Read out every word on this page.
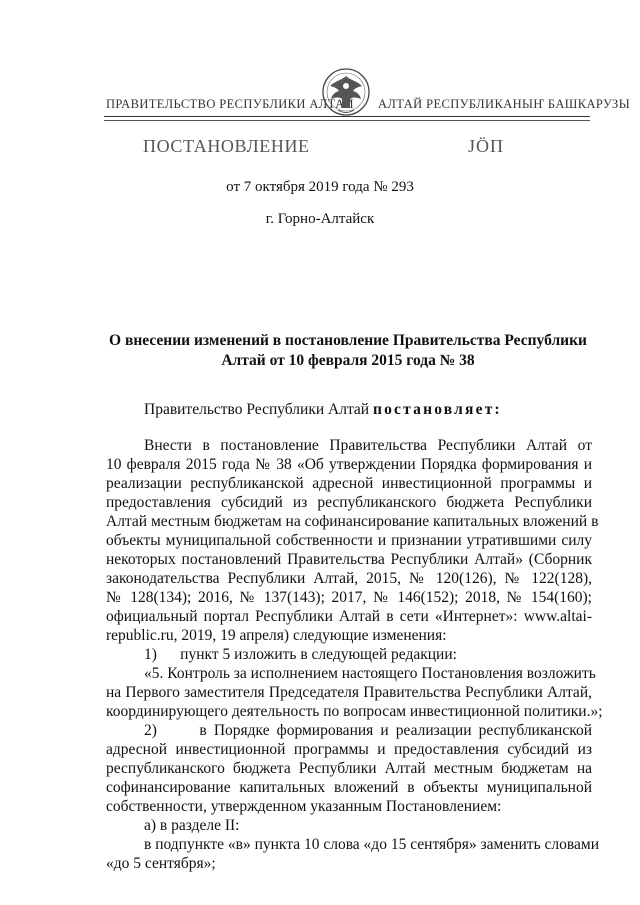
ПРАВИТЕЛЬСТВО РЕСПУБЛИКИ АЛТАЙ АЛТАЙ РЕСПУБЛИКАНЫҤ БАШКАРУЗЫ
ПОСТАНОВЛЕНИЕ	ЈӦП
от 7 октября 2019 года № 293
г. Горно-Алтайск
О внесении изменений в постановление Правительства Республики
Алтай от 10 февраля 2015 года № 38
Правительство Республики Алтай постановляет:
Внести в постановление Правительства Республики Алтай от
10 февраля 2015 года № 38 «Об утверждении Порядка формирования и
реализации республиканской адресной инвестиционной программы и
предоставления субсидий из республиканского бюджета Республики
Алтай местным бюджетам на софинансирование капитальных вложений в
объекты муниципальной собственности и признании утратившими силу
некоторых постановлений Правительства Республики Алтай» (Сборник
законодательства Республики Алтай, 2015, № 120(126), № 122(128),
№ 128(134); 2016, № 137(143); 2017, № 146(152); 2018, № 154(160);
официальный портал Республики Алтай в сети «Интернет»: www.altai-
republic.ru, 2019, 19 апреля) следующие изменения:
1)      пункт 5 изложить в следующей редакции:
«5. Контроль за исполнением настоящего Постановления возложить
на Первого заместителя Председателя Правительства Республики Алтай,
координирующего деятельность по вопросам инвестиционной политики.»;
2)      в Порядке формирования и реализации республиканской
адресной инвестиционной программы и предоставления субсидий из
республиканского бюджета Республики Алтай местным бюджетам на
софинансирование капитальных вложений в объекты муниципальной
собственности, утвержденном указанным Постановлением:
а) в разделе II:
в подпункте «в» пункта 10 слова «до 15 сентября» заменить словами
«до 5 сентября»;
